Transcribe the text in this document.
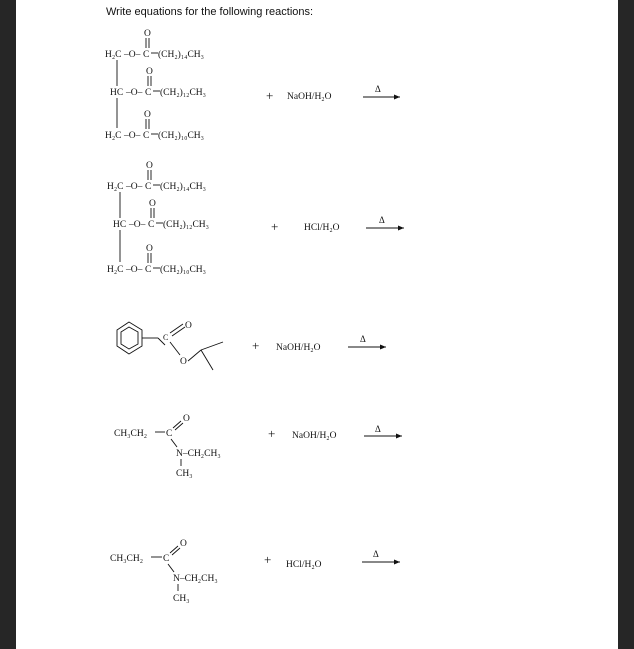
Write equations for the following reactions:
H₂C –O– C (CH₂)₁₄CH₃
O
HC –O– C (CH₂)₁₂CH₃
O
H₂C –O– C (CH₂)₁₀CH₃
O
+ NaOH/H₂O
Δ
H₂C –O– C (CH₂)₁₄CH₃
O
HC –O– C (CH₂)₁₂CH₃
O
H₂C –O– C (CH₂)₁₀CH₃
O
+	HCl/H₂O
Δ
C
O
O
+ NaOH/H₂O
Δ
CH₃CH₂ C
O
N–CH₂CH₃
CH₃
+ NaOH/H₂O
Δ
CH₃CH₂ C
O
N–CH₂CH₃
CH₃
+ HCl/H₂O
Δ
